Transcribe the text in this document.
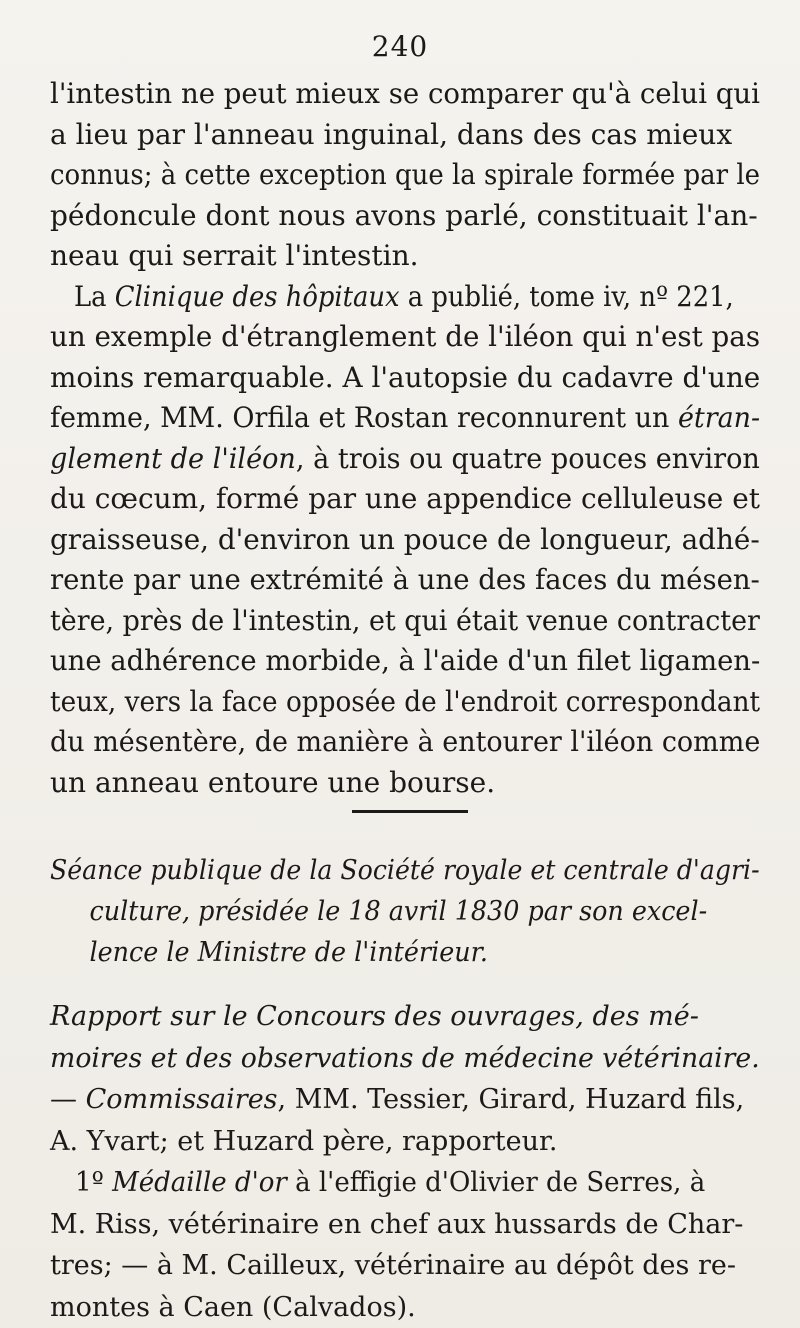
240

l'intestin ne peut mieux se comparer qu'à celui qui
a lieu par l'anneau inguinal, dans des cas mieux
connus; à cette exception que la spirale formée par le
pédoncule dont nous avons parlé, constituait l'an-
neau qui serrait l'intestin.

La Clinique des hôpitaux a publié, tome iv, nº 221,
un exemple d'étranglement de l'iléon qui n'est pas
moins remarquable. A l'autopsie du cadavre d'une
femme, MM. Orfila et Rostan reconnurent un étran-
glement de l'iléon, à trois ou quatre pouces environ
du cœcum, formé par une appendice celluleuse et
graisseuse, d'environ un pouce de longueur, adhé-
rente par une extrémité à une des faces du mésen-
tère, près de l'intestin, et qui était venue contracter
une adhérence morbide, à l'aide d'un filet ligamen-
teux, vers la face opposée de l'endroit correspondant
du mésentère, de manière à entourer l'iléon comme
un anneau entoure une bourse.

Séance publique de la Société royale et centrale d'agri-
culture, présidée le 18 avril 1830 par son excel-
lence le Ministre de l'intérieur.
Rapport sur le Concours des ouvrages, des mé-
moires et des observations de médecine vétérinaire.
— Commissaires, MM. Tessier, Girard, Huzard fils,
A. Yvart; et Huzard père, rapporteur.
1º Médaille d'or à l'effigie d'Olivier de Serres, à
M. Riss, vétérinaire en chef aux hussards de Char-
tres; — à M. Cailleux, vétérinaire au dépôt des re-
montes à Caen (Calvados).
